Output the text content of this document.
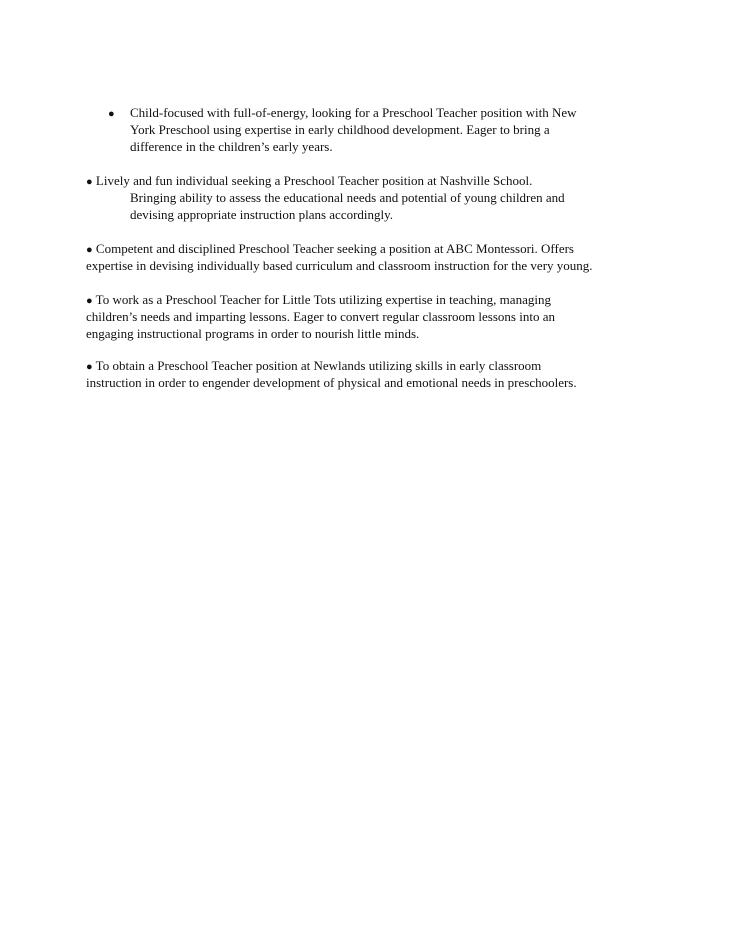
● Child-focused with full-of-energy, looking for a Preschool Teacher position with New
York Preschool using expertise in early childhood development. Eager to bring a
difference in the children’s early years.
● Lively and fun individual seeking a Preschool Teacher position at Nashville School.
Bringing ability to assess the educational needs and potential of young children and
devising appropriate instruction plans accordingly.
● Competent and disciplined Preschool Teacher seeking a position at ABC Montessori. Offers
expertise in devising individually based curriculum and classroom instruction for the very young.
● To work as a Preschool Teacher for Little Tots utilizing expertise in teaching, managing
children’s needs and imparting lessons. Eager to convert regular classroom lessons into an
engaging instructional programs in order to nourish little minds.
● To obtain a Preschool Teacher position at Newlands utilizing skills in early classroom
instruction in order to engender development of physical and emotional needs in preschoolers.
